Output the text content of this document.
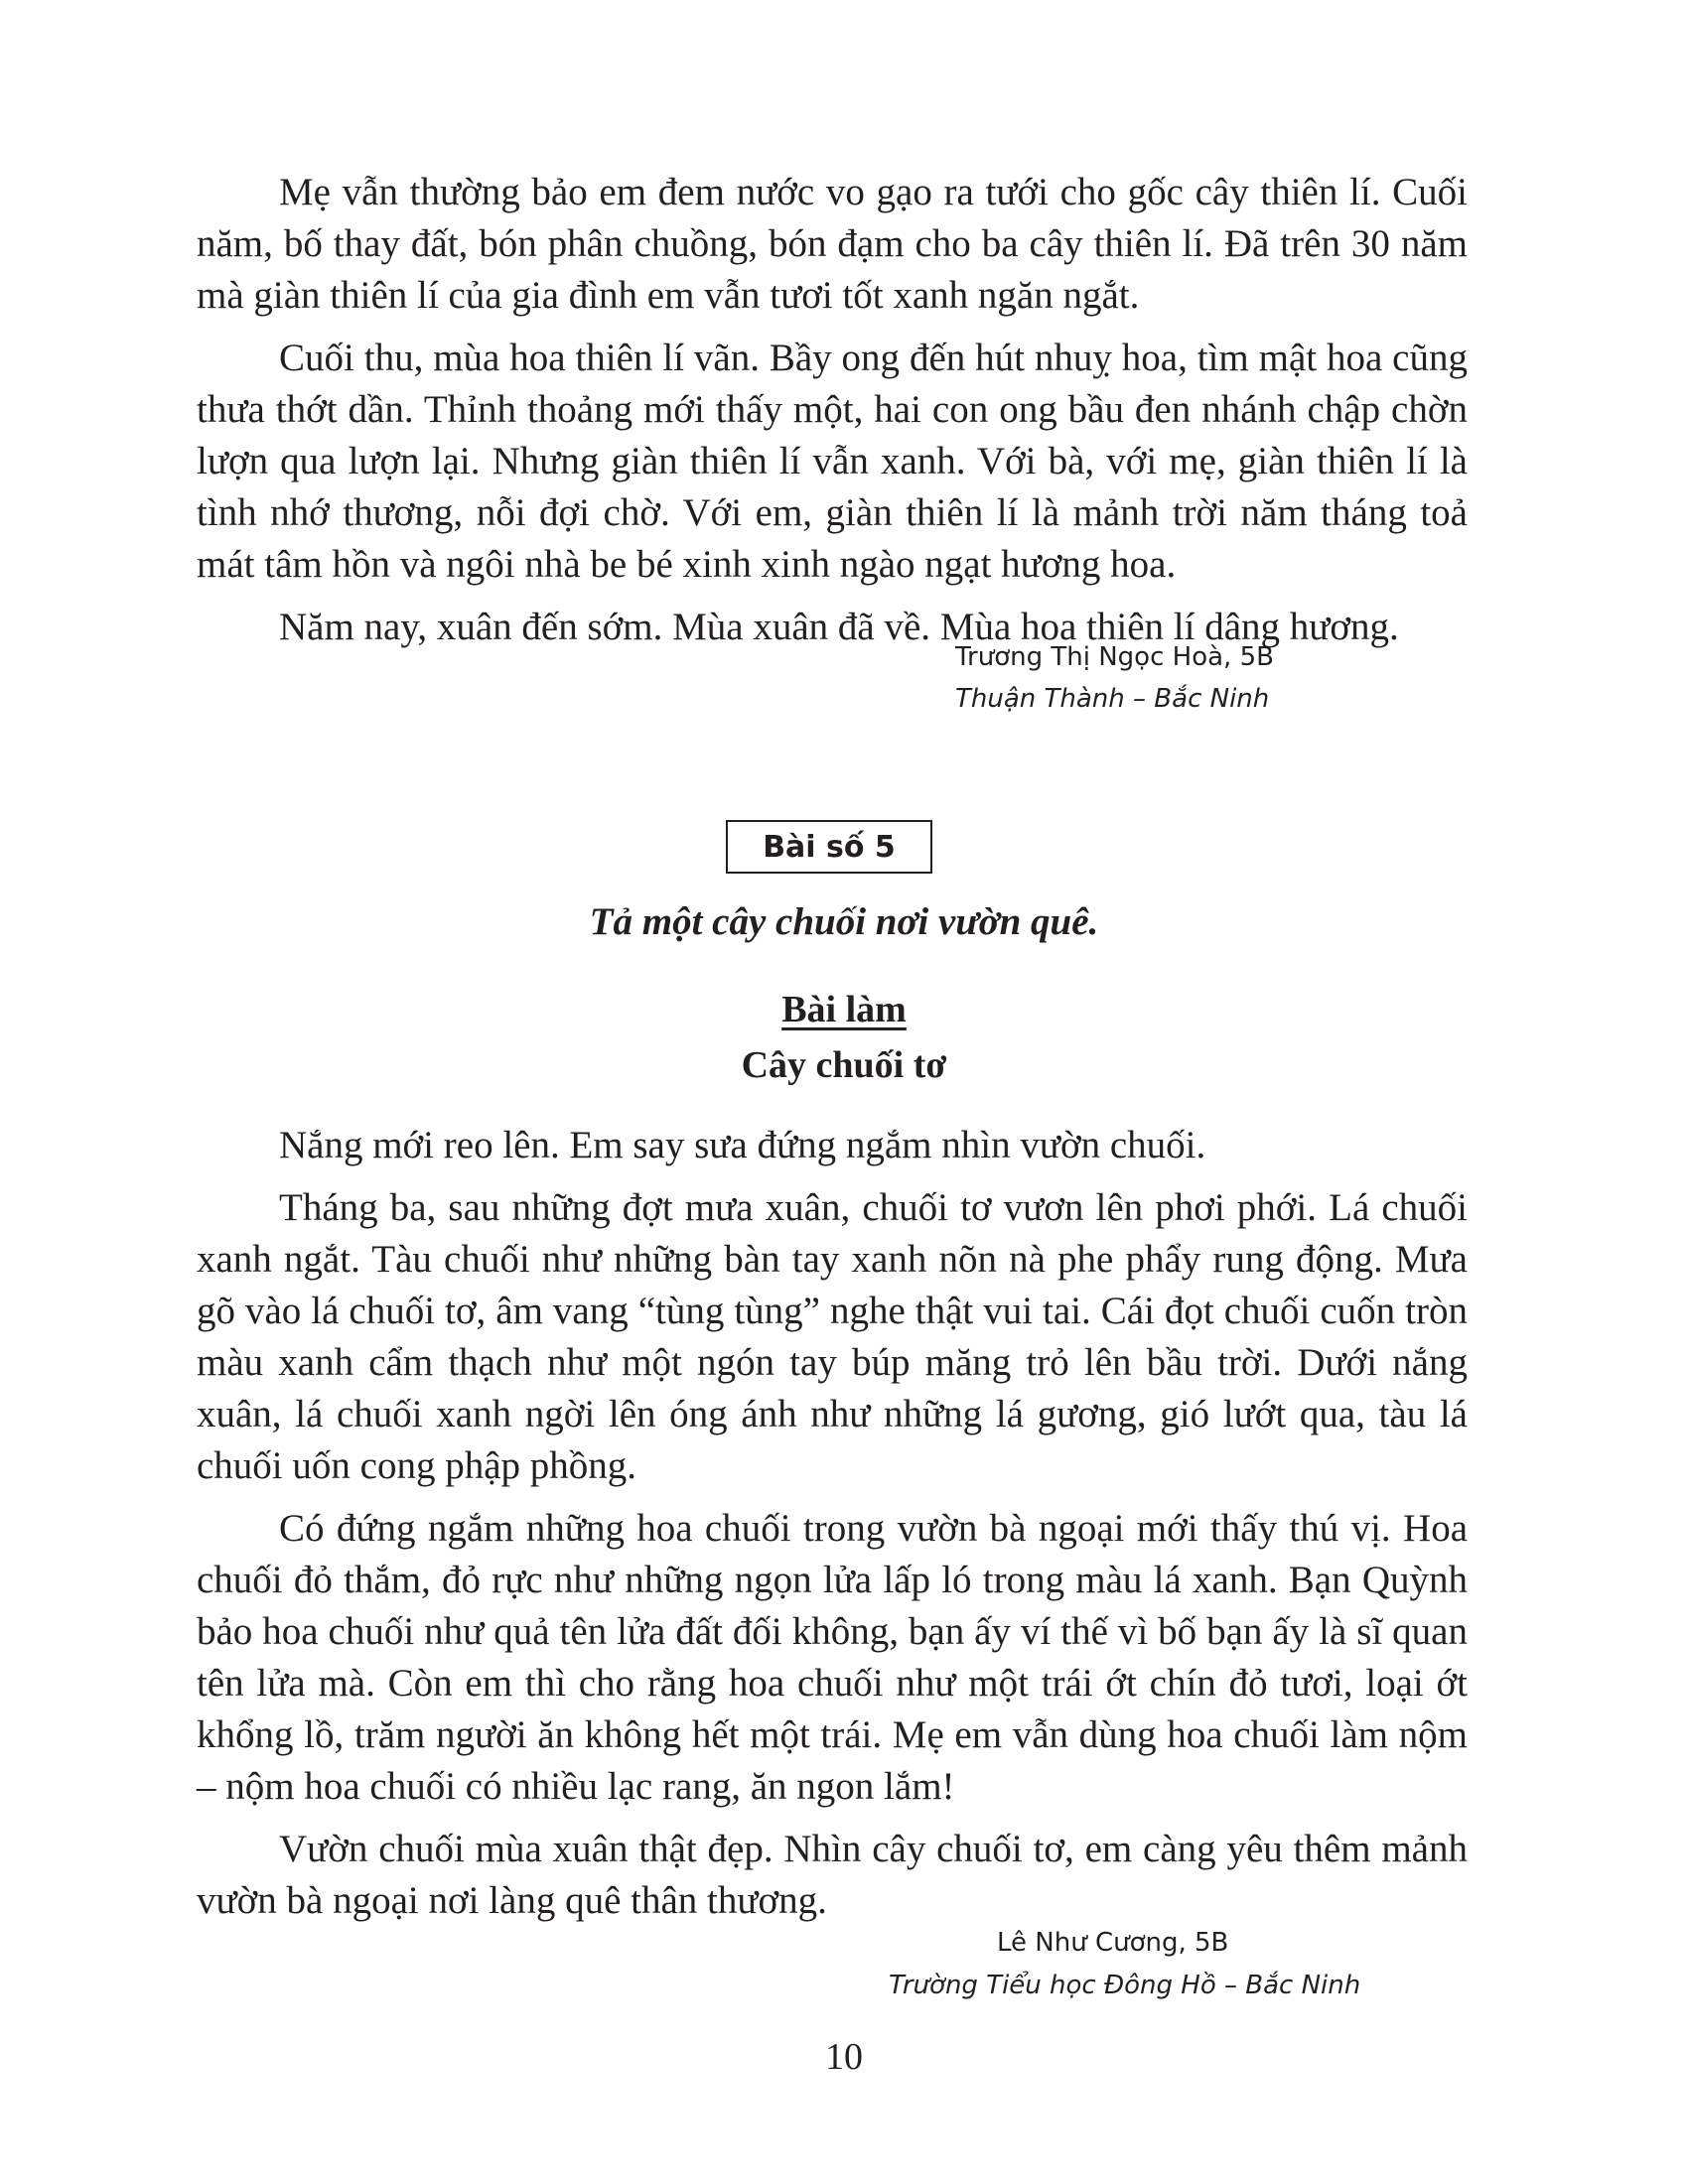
Mẹ vẫn thường bảo em đem nước vo gạo ra tưới cho gốc cây thiên lí. Cuối năm, bố thay đất, bón phân chuồng, bón đạm cho ba cây thiên lí. Đã trên 30 năm mà giàn thiên lí của gia đình em vẫn tươi tốt xanh ngăn ngắt.

Cuối thu, mùa hoa thiên lí vãn. Bầy ong đến hút nhuỵ hoa, tìm mật hoa cũng thưa thớt dần. Thỉnh thoảng mới thấy một, hai con ong bầu đen nhánh chập chờn lượn qua lượn lại. Nhưng giàn thiên lí vẫn xanh. Với bà, với mẹ, giàn thiên lí là tình nhớ thương, nỗi đợi chờ. Với em, giàn thiên lí là mảnh trời năm tháng toả mát tâm hồn và ngôi nhà be bé xinh xinh ngào ngạt hương hoa.

Năm nay, xuân đến sớm. Mùa xuân đã về. Mùa hoa thiên lí dâng hương.

Trương Thị Ngọc Hoà, 5B
Thuận Thành – Bắc Ninh
Bài số 5
Tả một cây chuối nơi vườn quê.
Bài làm
Cây chuối tơ

Nắng mới reo lên. Em say sưa đứng ngắm nhìn vườn chuối.

Tháng ba, sau những đợt mưa xuân, chuối tơ vươn lên phơi phới. Lá chuối xanh ngắt. Tàu chuối như những bàn tay xanh nõn nà phe phẩy rung động. Mưa gõ vào lá chuối tơ, âm vang “tùng tùng” nghe thật vui tai. Cái đọt chuối cuốn tròn màu xanh cẩm thạch như một ngón tay búp măng trỏ lên bầu trời. Dưới nắng xuân, lá chuối xanh ngời lên óng ánh như những lá gương, gió lướt qua, tàu lá chuối uốn cong phập phồng.

Có đứng ngắm những hoa chuối trong vườn bà ngoại mới thấy thú vị. Hoa chuối đỏ thắm, đỏ rực như những ngọn lửa lấp ló trong màu lá xanh. Bạn Quỳnh bảo hoa chuối như quả tên lửa đất đối không, bạn ấy ví thế vì bố bạn ấy là sĩ quan tên lửa mà. Còn em thì cho rằng hoa chuối như một trái ớt chín đỏ tươi, loại ớt khổng lồ, trăm người ăn không hết một trái. Mẹ em vẫn dùng hoa chuối làm nộm – nộm hoa chuối có nhiều lạc rang, ăn ngon lắm!

Vườn chuối mùa xuân thật đẹp. Nhìn cây chuối tơ, em càng yêu thêm mảnh vườn bà ngoại nơi làng quê thân thương.

Lê Như Cương, 5B
Trường Tiểu học Đông Hồ – Bắc Ninh
10
